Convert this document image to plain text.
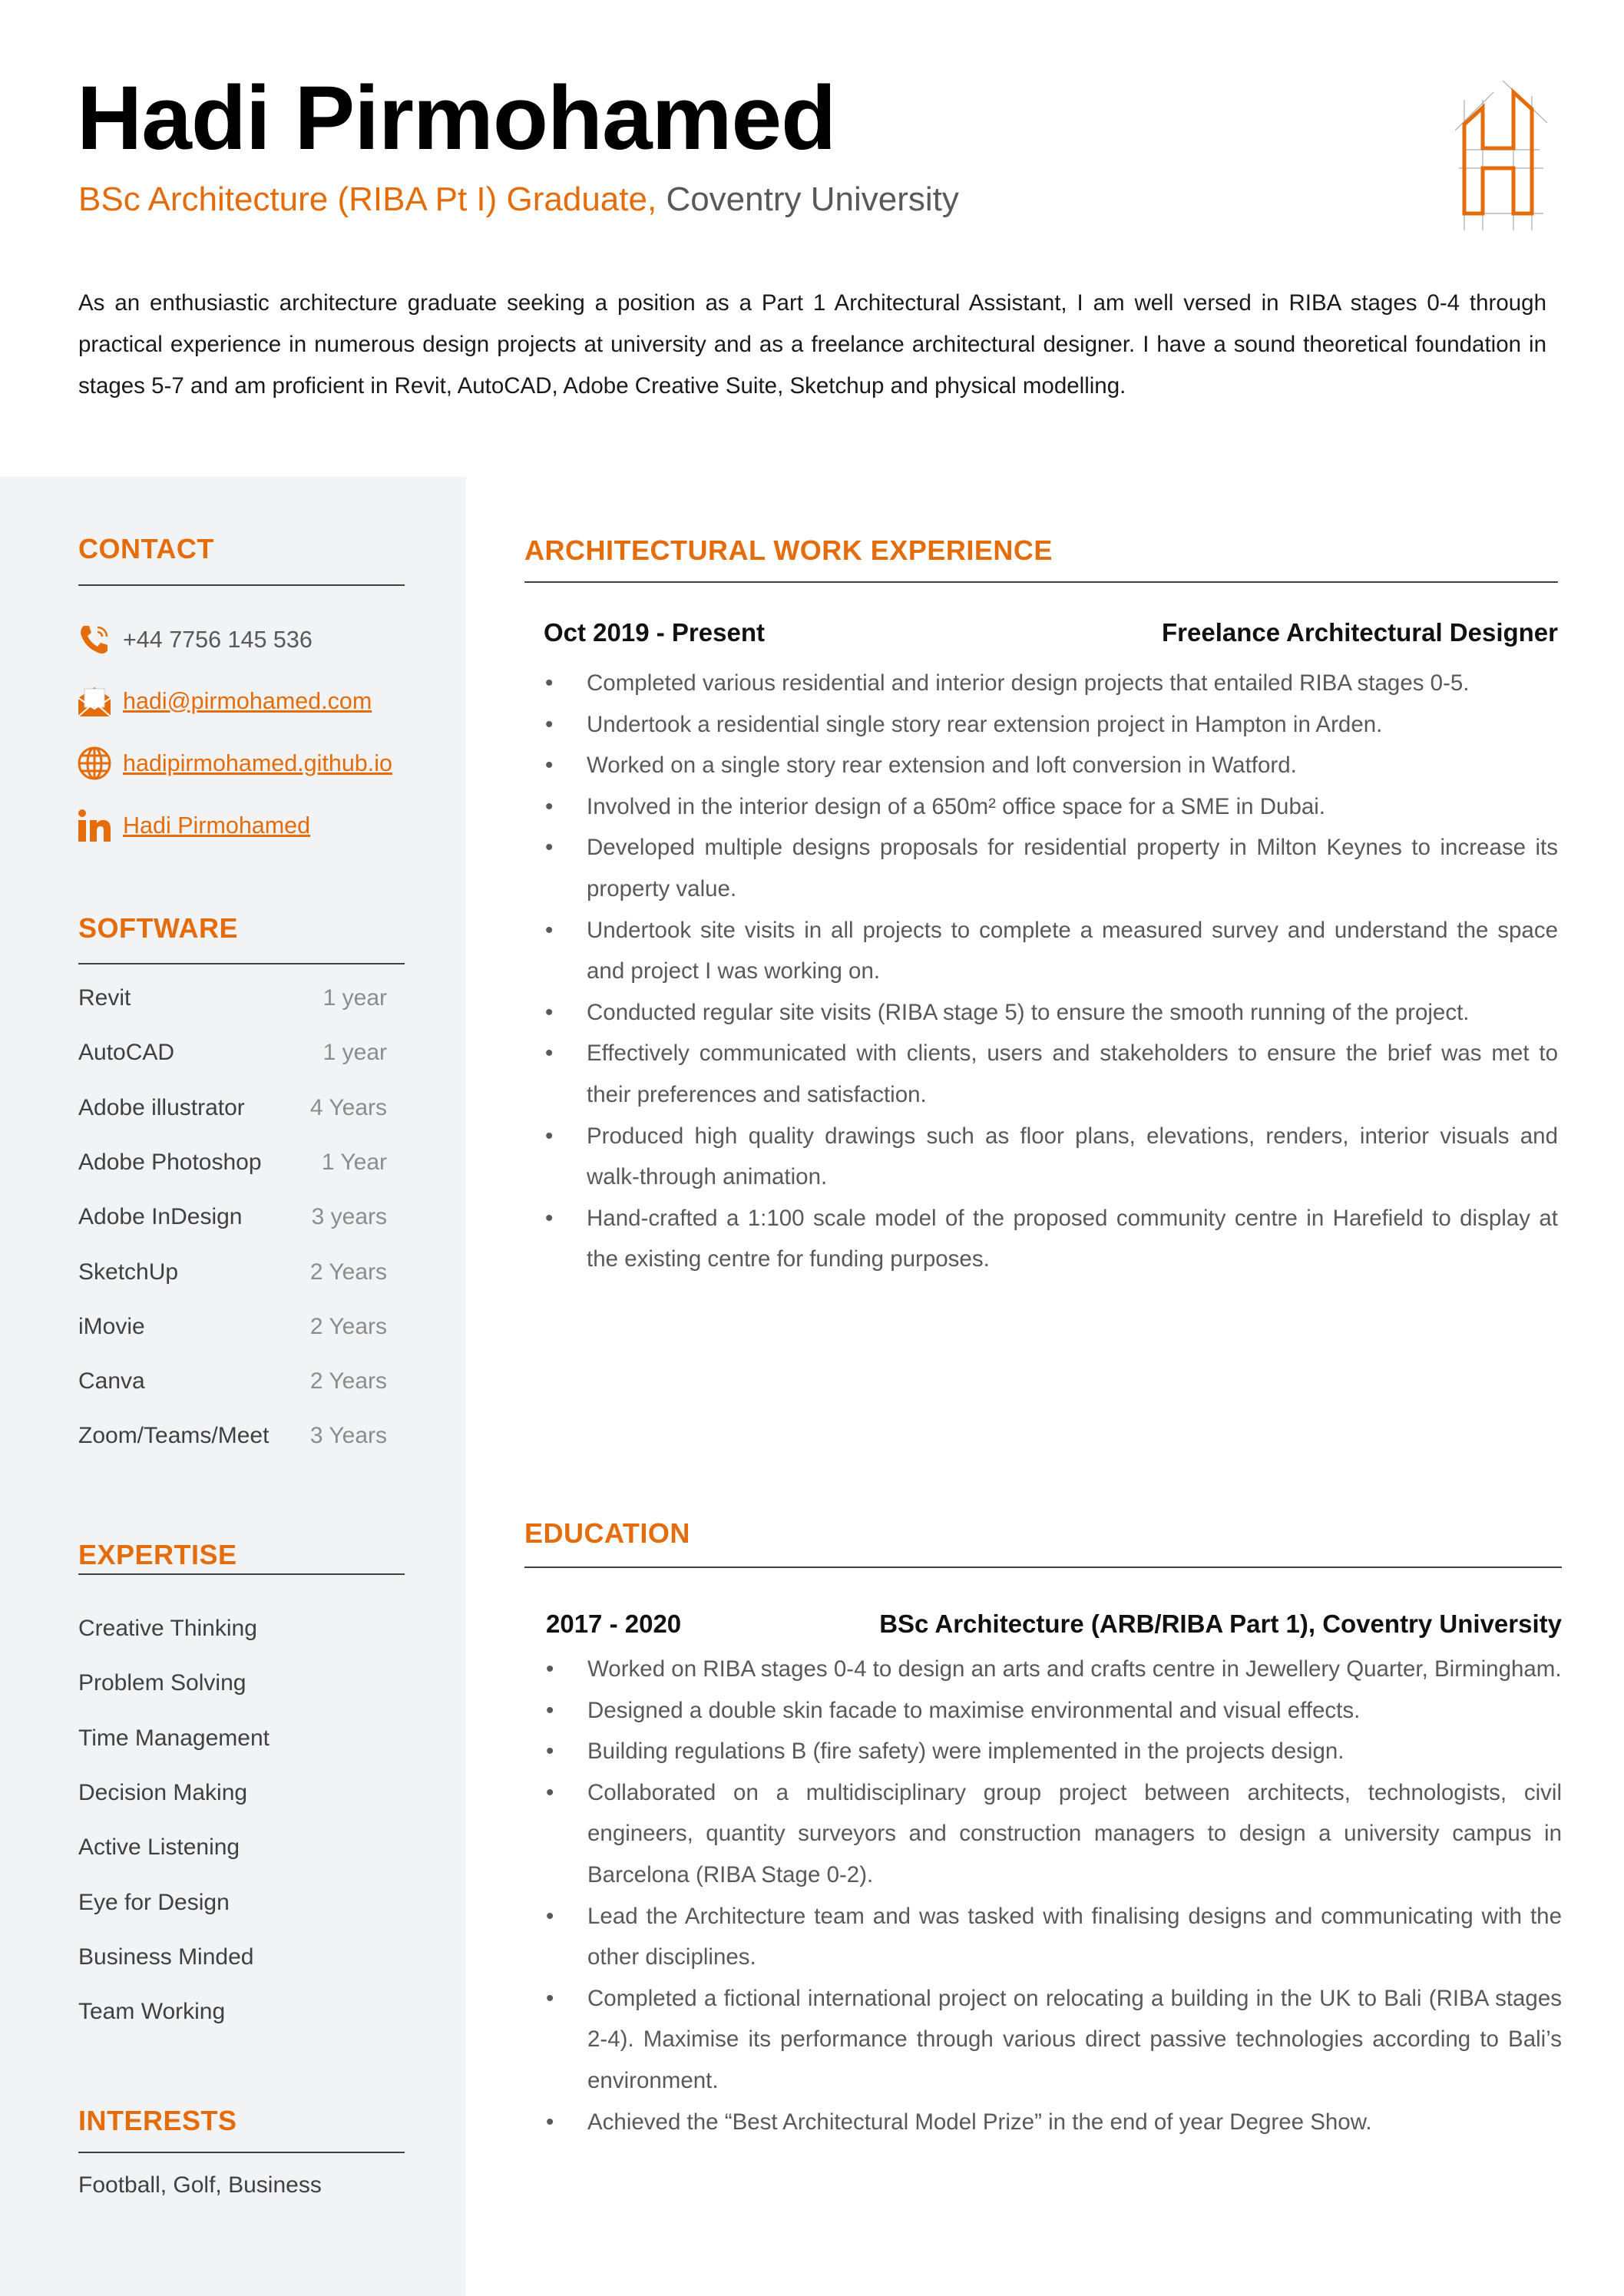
Hadi Pirmohamed
BSc Architecture (RIBA Pt I) Graduate, Coventry University

As an enthusiastic architecture graduate seeking a position as a Part 1 Architectural Assistant, I am well versed in RIBA stages 0-4 through practical experience in numerous design projects at university and as a freelance architectural designer. I have a sound theoretical foundation in stages 5-7 and am proficient in Revit, AutoCAD, Adobe Creative Suite, Sketchup and physical modelling.

CONTACT
+44 7756 145 536
hadi@pirmohamed.com
hadipirmohamed.github.io
Hadi Pirmohamed
SOFTWARE
Revit	1 year
AutoCAD	1 year
Adobe illustrator	4 Years
Adobe Photoshop	1 Year
Adobe InDesign	3 years
SketchUp	2 Years
iMovie	2 Years
Canva	2 Years
Zoom/Teams/Meet 3 Years
EXPERTISE
Creative Thinking
Problem Solving
Time Management
Decision Making
Active Listening
Eye for Design
Business Minded
Team Working
INTERESTS
Football, Golf, Business
ARCHITECTURAL WORK EXPERIENCE
Oct 2019 - Present	Freelance Architectural Designer
• Completed various residential and interior design projects that entailed RIBA stages 0-5.
• Undertook a residential single story rear extension project in Hampton in Arden.
• Worked on a single story rear extension and loft conversion in Watford.
• Involved in the interior design of a 650m² office space for a SME in Dubai.
• Developed multiple designs proposals for residential property in Milton Keynes to increase its property value.
• Undertook site visits in all projects to complete a measured survey and understand the space and project I was working on.
• Conducted regular site visits (RIBA stage 5) to ensure the smooth running of the project.
• Effectively communicated with clients, users and stakeholders to ensure the brief was met to their preferences and satisfaction.
• Produced high quality drawings such as floor plans, elevations, renders, interior visuals and walk-through animation.
• Hand-crafted a 1:100 scale model of the proposed community centre in Harefield to display at the existing centre for funding purposes.
EDUCATION
2017 - 2020	BSc Architecture (ARB/RIBA Part 1), Coventry University
• Worked on RIBA stages 0-4 to design an arts and crafts centre in Jewellery Quarter, Birmingham.
• Designed a double skin facade to maximise environmental and visual effects.
• Building regulations B (fire safety) were implemented in the projects design.
• Collaborated on a multidisciplinary group project between architects, technologists, civil engineers, quantity surveyors and construction managers to design a university campus in Barcelona (RIBA Stage 0-2).
• Lead the Architecture team and was tasked with finalising designs and communicating with the other disciplines.
• Completed a fictional international project on relocating a building in the UK to Bali (RIBA stages 2-4). Maximise its performance through various direct passive technologies according to Bali’s environment.
• Achieved the “Best Architectural Model Prize” in the end of year Degree Show.
